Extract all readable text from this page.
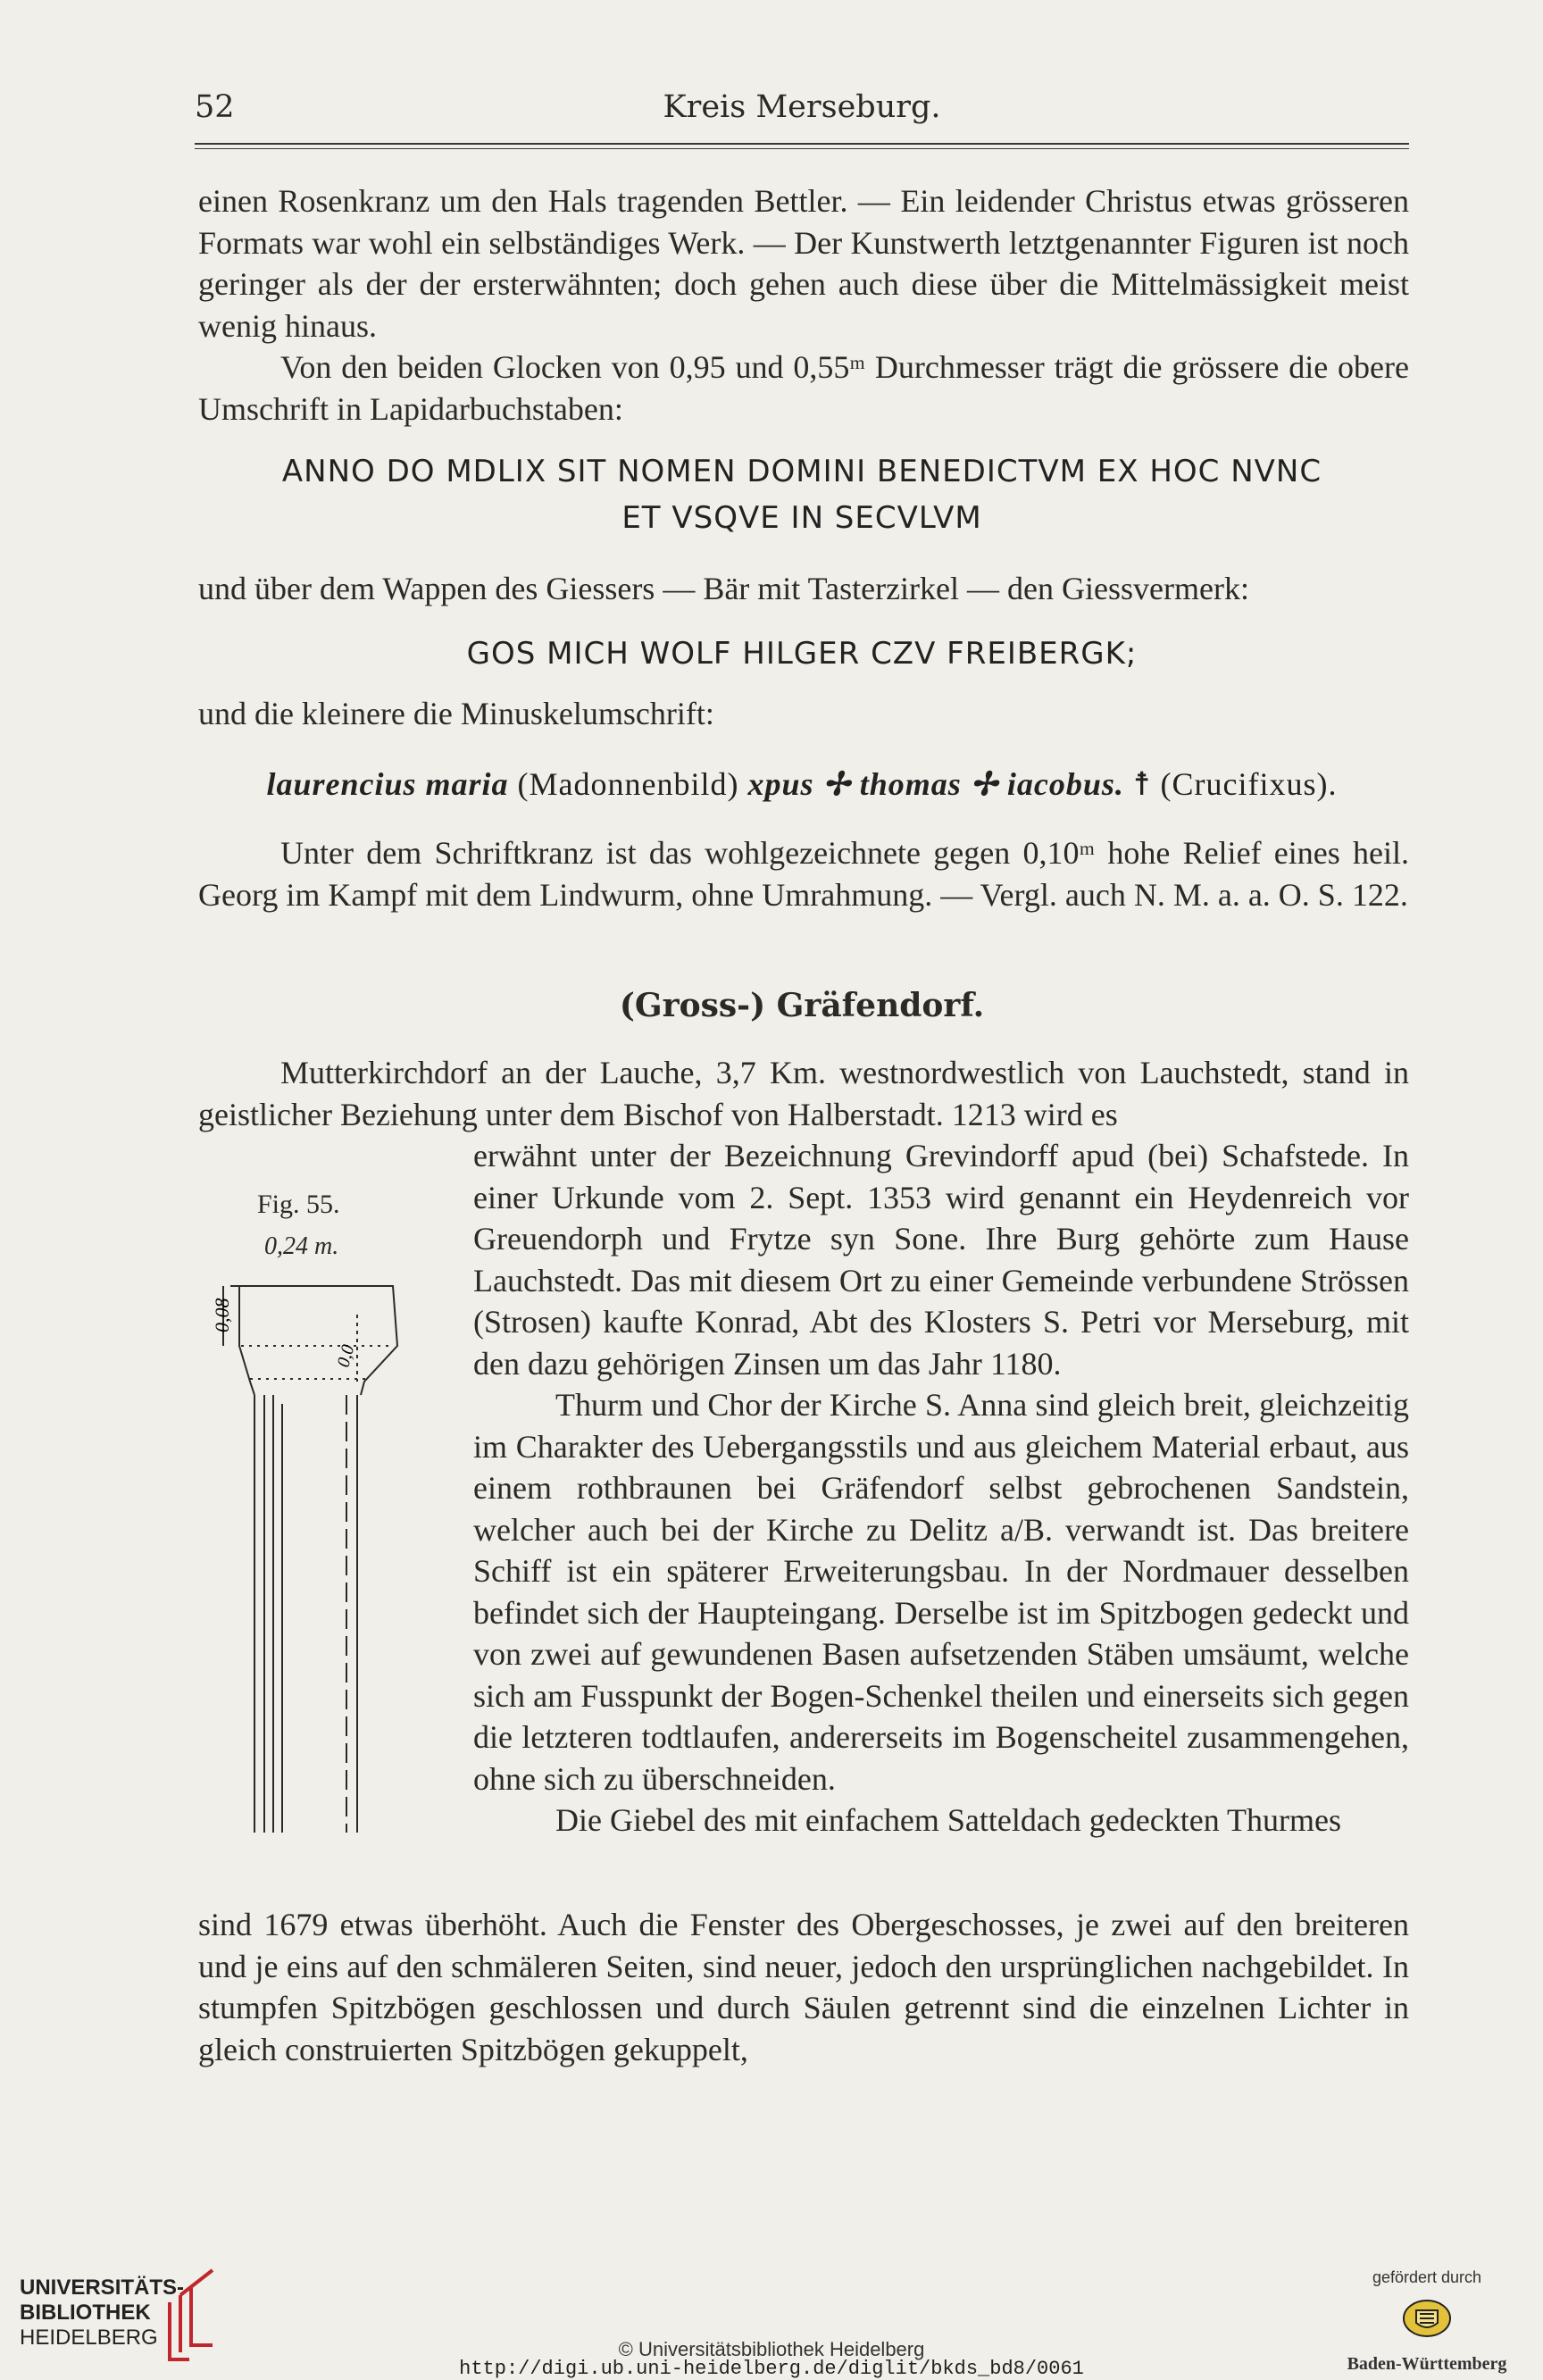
52	Kreis Merseburg.

einen Rosenkranz um den Hals tragenden Bettler. — Ein leidender Christus etwas grösseren Formats war wohl ein selbständiges Werk. — Der Kunstwerth letztgenannter Figuren ist noch geringer als der der ersterwähnten; doch gehen auch diese über die Mittelmässigkeit meist wenig hinaus.

Von den beiden Glocken von 0,95 und 0,55ᵐ Durchmesser trägt die grössere die obere Umschrift in Lapidarbuchstaben:

ANNO DO MDLIX SIT NOMEN DOMINI BENEDICTVM EX HOC NVNC
ET VSQVE IN SECVLVM

und über dem Wappen des Giessers — Bär mit Tasterzirkel — den Giessvermerk:

GOS MICH WOLF HILGER CZV FREIBERGK;

und die kleinere die Minuskelumschrift:

laurencius maria (Madonnenbild) xpus ✢ thomas ✢ iacobus. ☨ (Crucifixus).

Unter dem Schriftkranz ist das wohlgezeichnete gegen 0,10ᵐ hohe Relief eines heil. Georg im Kampf mit dem Lindwurm, ohne Umrahmung. — Vergl. auch N. M. a. a. O. S. 122.

(Gross-) Gräfendorf.

Mutterkirchdorf an der Lauche, 3,7 Km. westnordwestlich von Lauchstedt, stand in geistlicher Beziehung unter dem Bischof von Halberstadt. 1213 wird es

erwähnt unter der Bezeichnung Grevindorff apud (bei) Schafstede. In einer Urkunde vom 2. Sept. 1353 wird genannt ein Heydenreich vor Greuendorph und Frytze syn Sone. Ihre Burg gehörte zum Hause Lauchstedt. Das mit diesem Ort zu einer Gemeinde verbundene Strössen (Strosen) kaufte Konrad, Abt des Klosters S. Petri vor Merseburg, mit den dazu gehörigen Zinsen um das Jahr 1180.

Thurm und Chor der Kirche S. Anna sind gleich breit, gleichzeitig im Charakter des Uebergangsstils und aus gleichem Material erbaut, aus einem rothbraunen bei Gräfendorf selbst gebrochenen Sandstein, welcher auch bei der Kirche zu Delitz a/B. verwandt ist. Das breitere Schiff ist ein späterer Erweiterungsbau. In der Nordmauer desselben befindet sich der Haupteingang. Derselbe ist im Spitzbogen gedeckt und von zwei auf gewundenen Basen aufsetzenden Stäben umsäumt, welche sich am Fusspunkt der Bogen-Schenkel theilen und einerseits sich gegen die letzteren todtlaufen, andererseits im Bogenscheitel zusammengehen, ohne sich zu überschneiden.

Die Giebel des mit einfachem Satteldach gedeckten Thurmes

sind 1679 etwas überhöht. Auch die Fenster des Obergeschosses, je zwei auf den breiteren und je eins auf den schmäleren Seiten, sind neuer, jedoch den ursprünglichen nachgebildet. In stumpfen Spitzbögen geschlossen und durch Säulen getrennt sind die einzelnen Lichter in gleich construierten Spitzbögen gekuppelt,

Fig. 55.
0,24 m.
0,08
0,0
UNIVERSITÄTS-
BIBLIOTHEK
HEIDELBERG	© Universitätsbibliothek Heidelberg
http://digi.ub.uni-heidelberg.de/diglit/bkds_bd8/0061
gefördert durch
Baden-Württemberg
